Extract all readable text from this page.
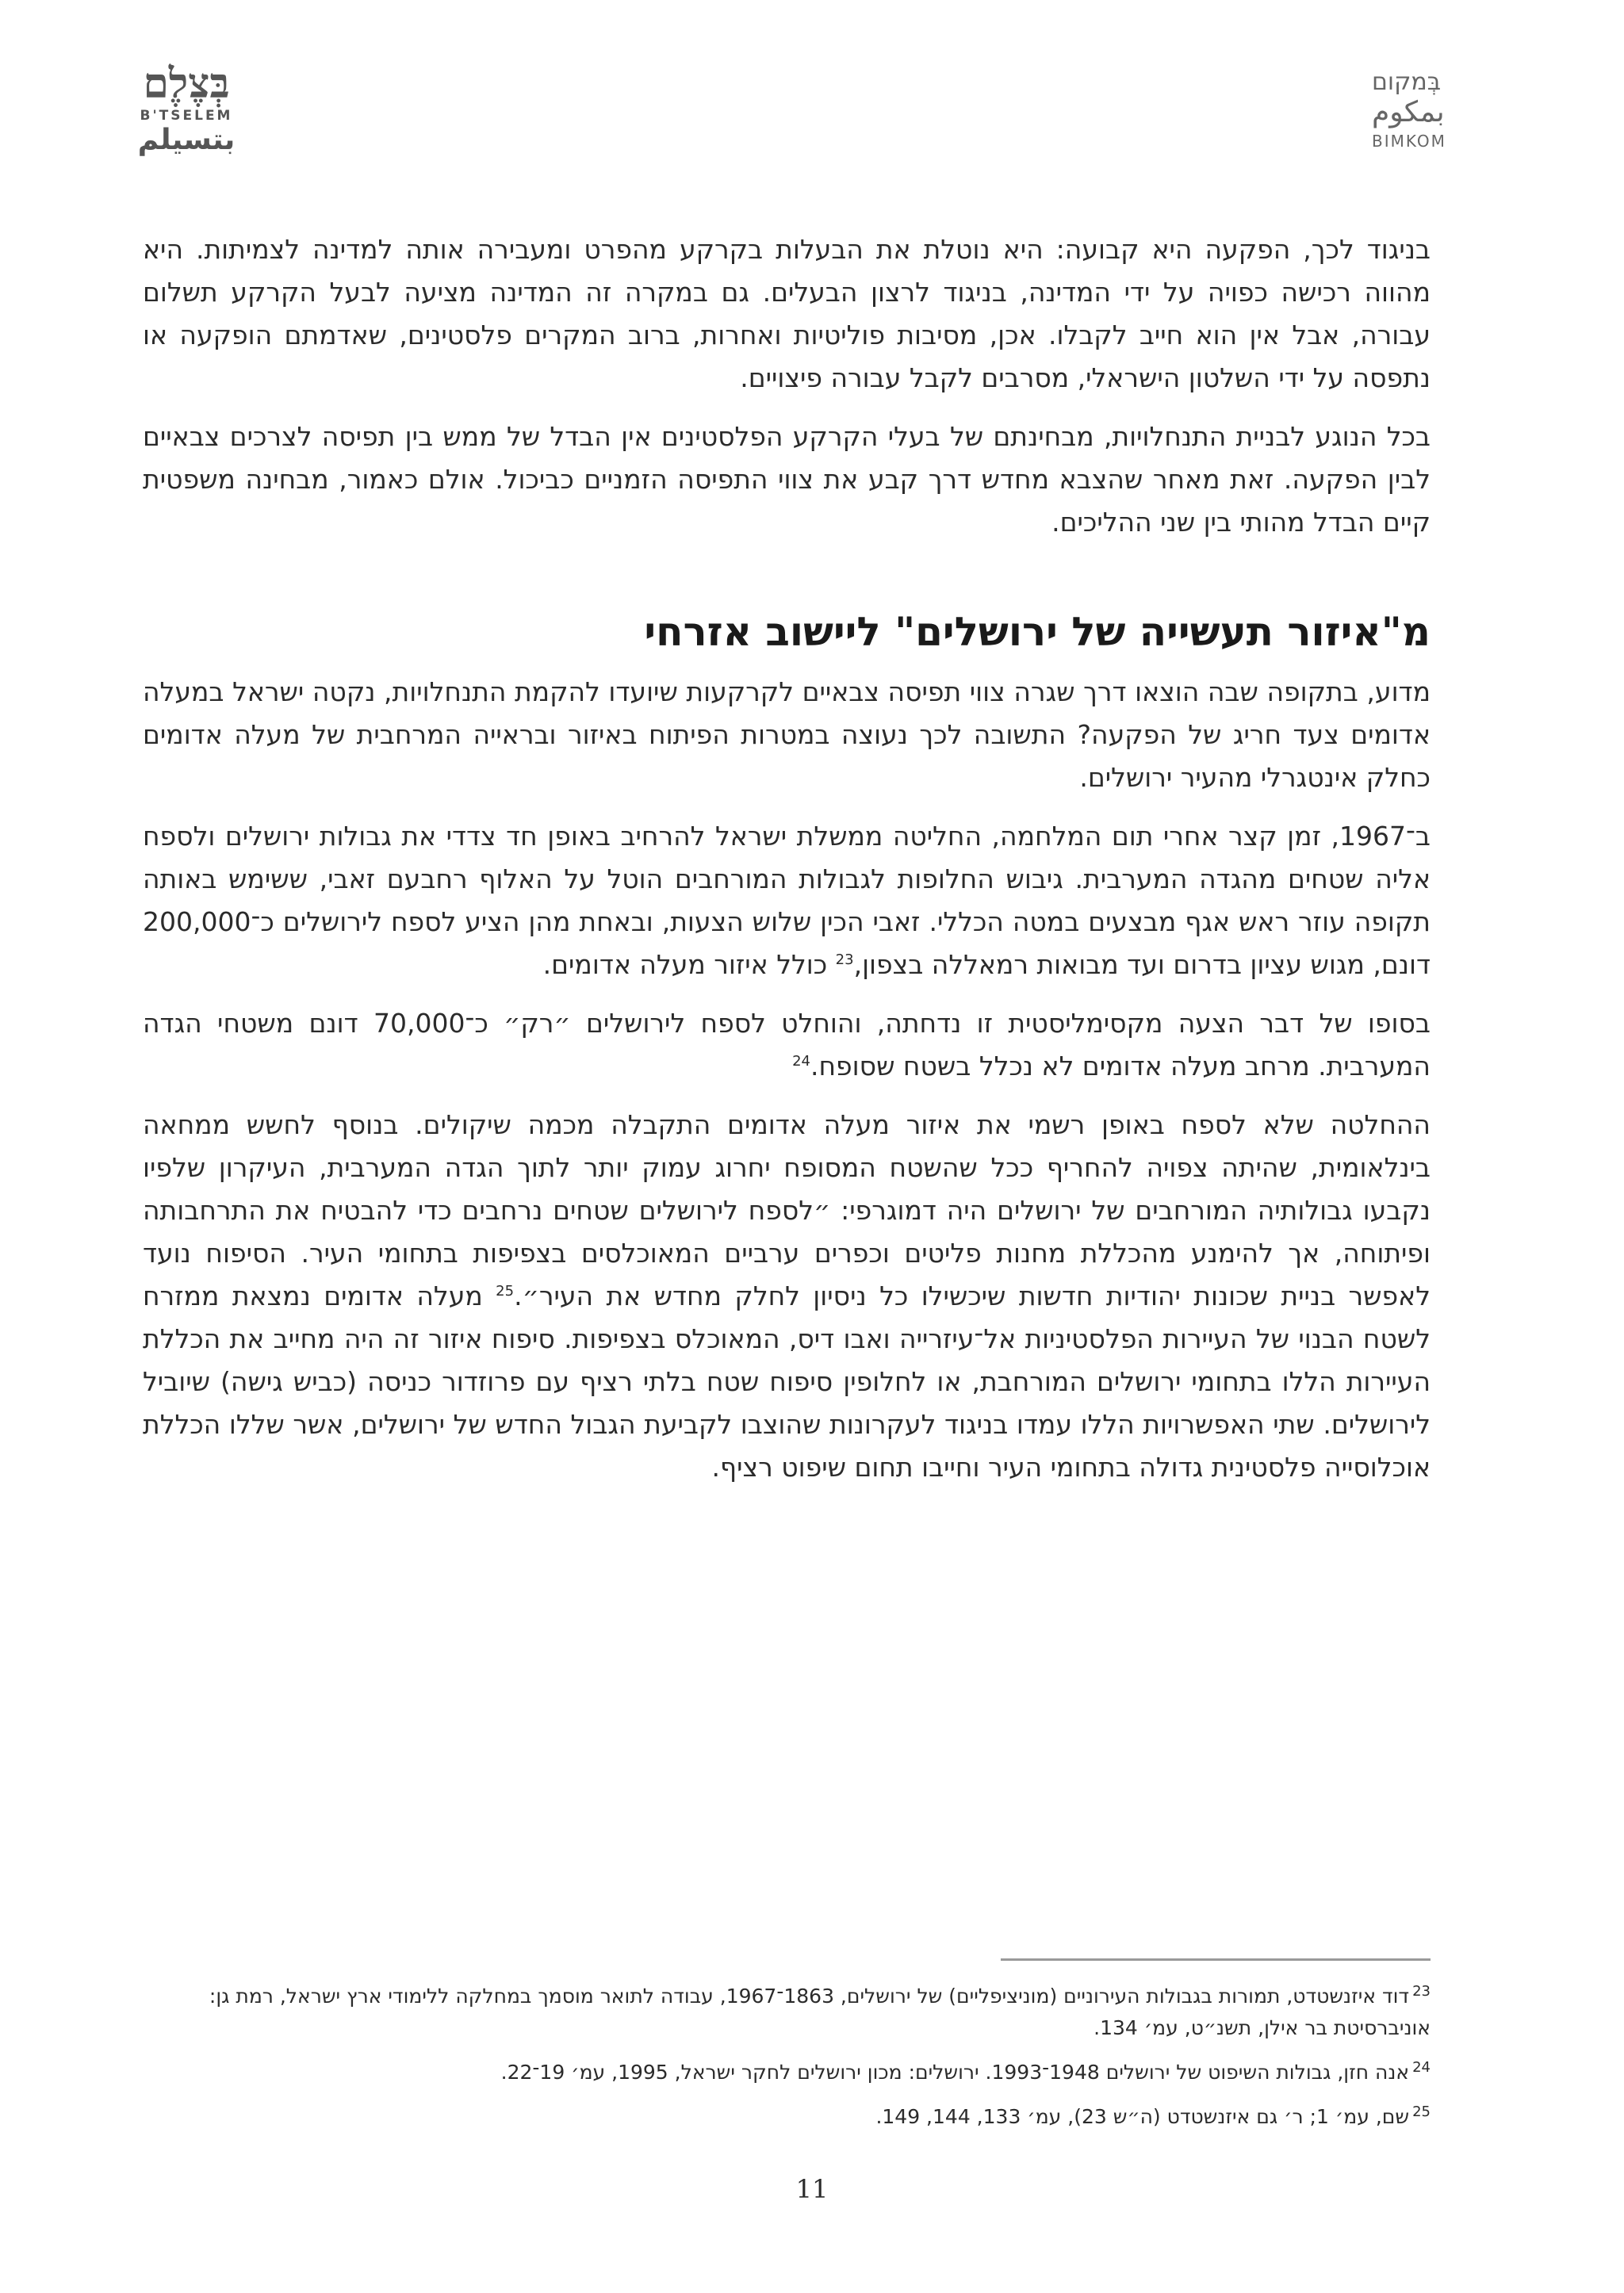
בְּצֶלֶם
B'TSELEM
بتسيلم
בְּמקום
بمكوم
BIMKOM

בניגוד לכך, הפקעה היא קבועה: היא נוטלת את הבעלות בקרקע מהפרט ומעבירה אותה למדינה לצמיתות. היא מהווה רכישה כפויה על ידי המדינה, בניגוד לרצון הבעלים. גם במקרה זה המדינה מציעה לבעל הקרקע תשלום עבורה, אבל אין הוא חייב לקבלו. אכן, מסיבות פוליטיות ואחרות, ברוב המקרים פלסטינים, שאדמתם הופקעה או נתפסה על ידי השלטון הישראלי, מסרבים לקבל עבורה פיצויים.

בכל הנוגע לבניית התנחלויות, מבחינתם של בעלי הקרקע הפלסטינים אין הבדל של ממש בין תפיסה לצרכים צבאיים לבין הפקעה. זאת מאחר שהצבא מחדש דרך קבע את צווי התפיסה הזמניים כביכול. אולם כאמור, מבחינה משפטית קיים הבדל מהותי בין שני ההליכים.

מ"איזור תעשייה של ירושלים" ליישוב אזרחי

מדוע, בתקופה שבה הוצאו דרך שגרה צווי תפיסה צבאיים לקרקעות שיועדו להקמת התנחלויות, נקטה ישראל במעלה אדומים צעד חריג של הפקעה? התשובה לכך נעוצה במטרות הפיתוח באיזור ובראייה המרחבית של מעלה אדומים כחלק אינטגרלי מהעיר ירושלים.

ב־1967, זמן קצר אחרי תום המלחמה, החליטה ממשלת ישראל להרחיב באופן חד צדדי את גבולות ירושלים ולספח אליה שטחים מהגדה המערבית. גיבוש החלופות לגבולות המורחבים הוטל על האלוף רחבעם זאבי, ששימש באותה תקופה עוזר ראש אגף מבצעים במטה הכללי. זאבי הכין שלוש הצעות, ובאחת מהן הציע לספח לירושלים כ־200,000 דונם, מגוש עציון בדרום ועד מבואות רמאללה בצפון,$^{23}$ כולל איזור מעלה אדומים.

בסופו של דבר הצעה מקסימליסטית זו נדחתה, והוחלט לספח לירושלים ״רק״ כ־70,000 דונם משטחי הגדה המערבית. מרחב מעלה אדומים לא נכלל בשטח שסופח.$^{24}$

ההחלטה שלא לספח באופן רשמי את איזור מעלה אדומים התקבלה מכמה שיקולים. בנוסף לחשש ממחאה בינלאומית, שהיתה צפויה להחריף ככל שהשטח המסופח יחרוג עמוק יותר לתוך הגדה המערבית, העיקרון שלפיו נקבעו גבולותיה המורחבים של ירושלים היה דמוגרפי: ״לספח לירושלים שטחים נרחבים כדי להבטיח את התרחבותה ופיתוחה, אך להימנע מהכללת מחנות פליטים וכפרים ערביים המאוכלסים בצפיפות בתחומי העיר. הסיפוח נועד לאפשר בניית שכונות יהודיות חדשות שיכשילו כל ניסיון לחלק מחדש את העיר״.$^{25}$ מעלה אדומים נמצאת ממזרח לשטח הבנוי של העיירות הפלסטיניות אל־עיזרייה ואבו דיס, המאוכלס בצפיפות. סיפוח איזור זה היה מחייב את הכללת העיירות הללו בתחומי ירושלים המורחבת, או לחלופין סיפוח שטח בלתי רציף עם פרוזדור כניסה (כביש גישה) שיוביל לירושלים. שתי האפשרויות הללו עמדו בניגוד לעקרונות שהוצבו לקביעת הגבול החדש של ירושלים, אשר שללו הכללת אוכלוסייה פלסטינית גדולה בתחומי העיר וחייבו תחום שיפוט רציף.

$^{23}$דוד איזנשטדט, תמורות בגבולות העירוניים (מוניציפליים) של ירושלים, 1863־1967, עבודה לתואר מוסמך במחלקה ללימודי ארץ ישראל, רמת גן: אוניברסיטת בר אילן, תשנ״ט, עמ׳ 134.
$^{24}$אנה חזן, גבולות השיפוט של ירושלים 1948־1993. ירושלים: מכון ירושלים לחקר ישראל, 1995, עמ׳ 19־22.
$^{25}$שם, עמ׳ 1; ר׳ גם איזנשטדט (ה״ש 23), עמ׳ 133, 144, 149.
11
